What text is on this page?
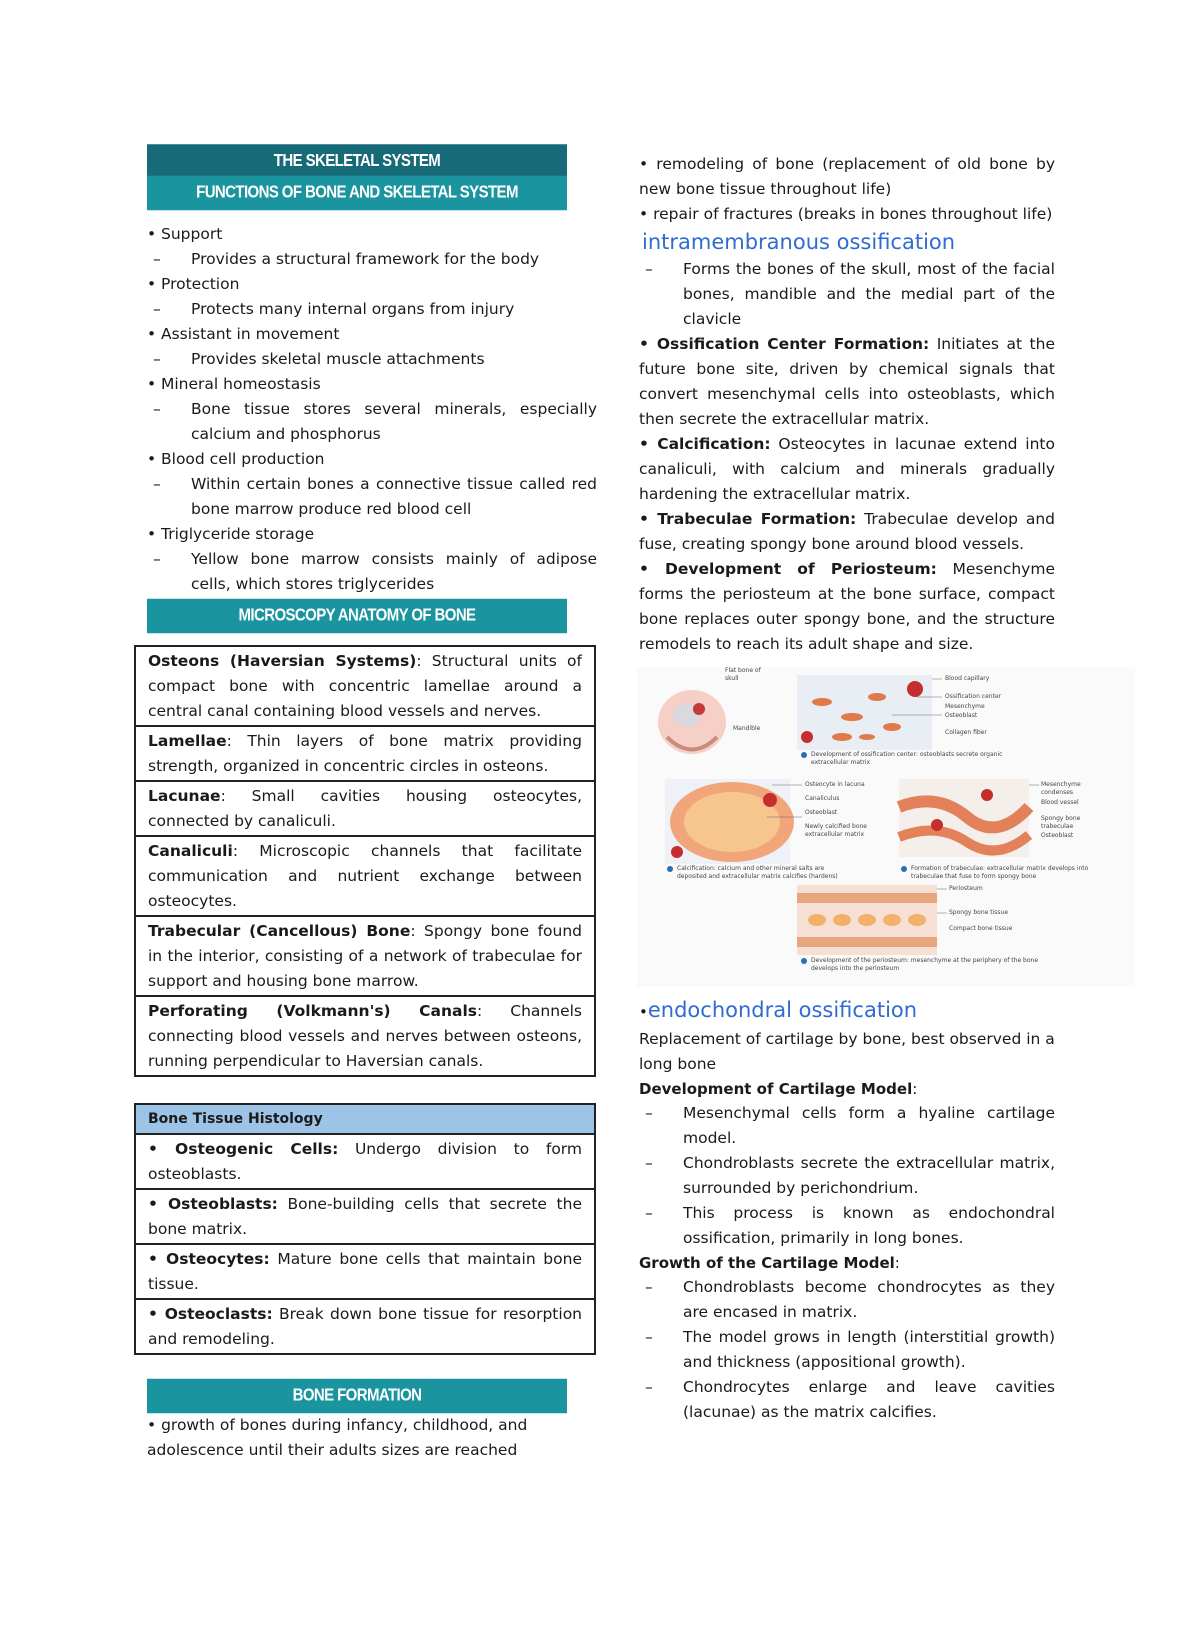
THE SKELETAL SYSTEM
FUNCTIONS OF BONE AND SKELETAL SYSTEM
• Support
–	Provides a structural framework for the body
• Protection
–	Protects many internal organs from injury
• Assistant in movement
–	Provides skeletal muscle attachments
• Mineral homeostasis
–	Bone tissue stores several minerals, especially calcium and phosphorus
• Blood cell production
–	Within certain bones a connective tissue called red bone marrow produce red blood cell
• Triglyceride storage
–	Yellow bone marrow consists mainly of adipose cells, which stores triglycerides
MICROSCOPY ANATOMY OF BONE
Osteons (Haversian Systems): Structural units of compact bone with concentric lamellae around a central canal containing blood vessels and nerves.
Lamellae: Thin layers of bone matrix providing strength, organized in concentric circles in osteons.
Lacunae: Small cavities housing osteocytes, connected by canaliculi.
Canaliculi: Microscopic channels that facilitate communication and nutrient exchange between osteocytes.
Trabecular (Cancellous) Bone: Spongy bone found in the interior, consisting of a network of trabeculae for support and housing bone marrow.
Perforating (Volkmann's) Canals: Channels connecting blood vessels and nerves between osteons, running perpendicular to Haversian canals.
Bone Tissue Histology
• Osteogenic Cells: Undergo division to form osteoblasts.
• Osteoblasts: Bone-building cells that secrete the bone matrix.
• Osteocytes: Mature bone cells that maintain bone tissue.
• Osteoclasts: Break down bone tissue for resorption and remodeling.
BONE FORMATION
• growth of bones during infancy, childhood, and adolescence until their adults sizes are reached
• remodeling of bone (replacement of old bone by new bone tissue throughout life)
• repair of fractures (breaks in bones throughout life)
intramembranous ossification
–	Forms the bones of the skull, most of the facial bones, mandible and the medial part of the clavicle
• Ossification Center Formation: Initiates at the future bone site, driven by chemical signals that convert mesenchymal cells into osteoblasts, which then secrete the extracellular matrix.
• Calcification: Osteocytes in lacunae extend into canaliculi, with calcium and minerals gradually hardening the extracellular matrix.
• Trabeculae Formation: Trabeculae develop and fuse, creating spongy bone around blood vessels.
• Development of Periosteum: Mesenchyme forms the periosteum at the bone surface, compact bone replaces outer spongy bone, and the structure remodels to reach its adult shape and size.
Flat bone of skull
Mandible
Blood capillary
Ossification center
Mesenchyme
Osteoblast
Collagen fiber
Development of ossification center: osteoblasts secrete organic extracellular matrix
Osteocyte in lacuna
Canaliculus
Osteoblast
Newly calcified bone extracellular matrix
Calcification: calcium and other mineral salts are deposited and extracellular matrix calcifies (hardens)
Mesenchyme condenses
Blood vessel
Spongy bone trabeculae
Osteoblast
Formation of trabeculae: extracellular matrix develops into trabeculae that fuse to form spongy bone
Periosteum
Spongy bone tissue
Compact bone tissue
Development of the periosteum: mesenchyme at the periphery of the bone develops into the periosteum
•endochondral ossification
Replacement of cartilage by bone, best observed in a long bone
Development of Cartilage Model:
–	Mesenchymal cells form a hyaline cartilage model.
–	Chondroblasts secrete the extracellular matrix, surrounded by perichondrium.
–	This process is known as endochondral ossification, primarily in long bones.
Growth of the Cartilage Model:
–	Chondroblasts become chondrocytes as they are encased in matrix.
–	The model grows in length (interstitial growth) and thickness (appositional growth).
–	Chondrocytes enlarge and leave cavities (lacunae) as the matrix calcifies.
